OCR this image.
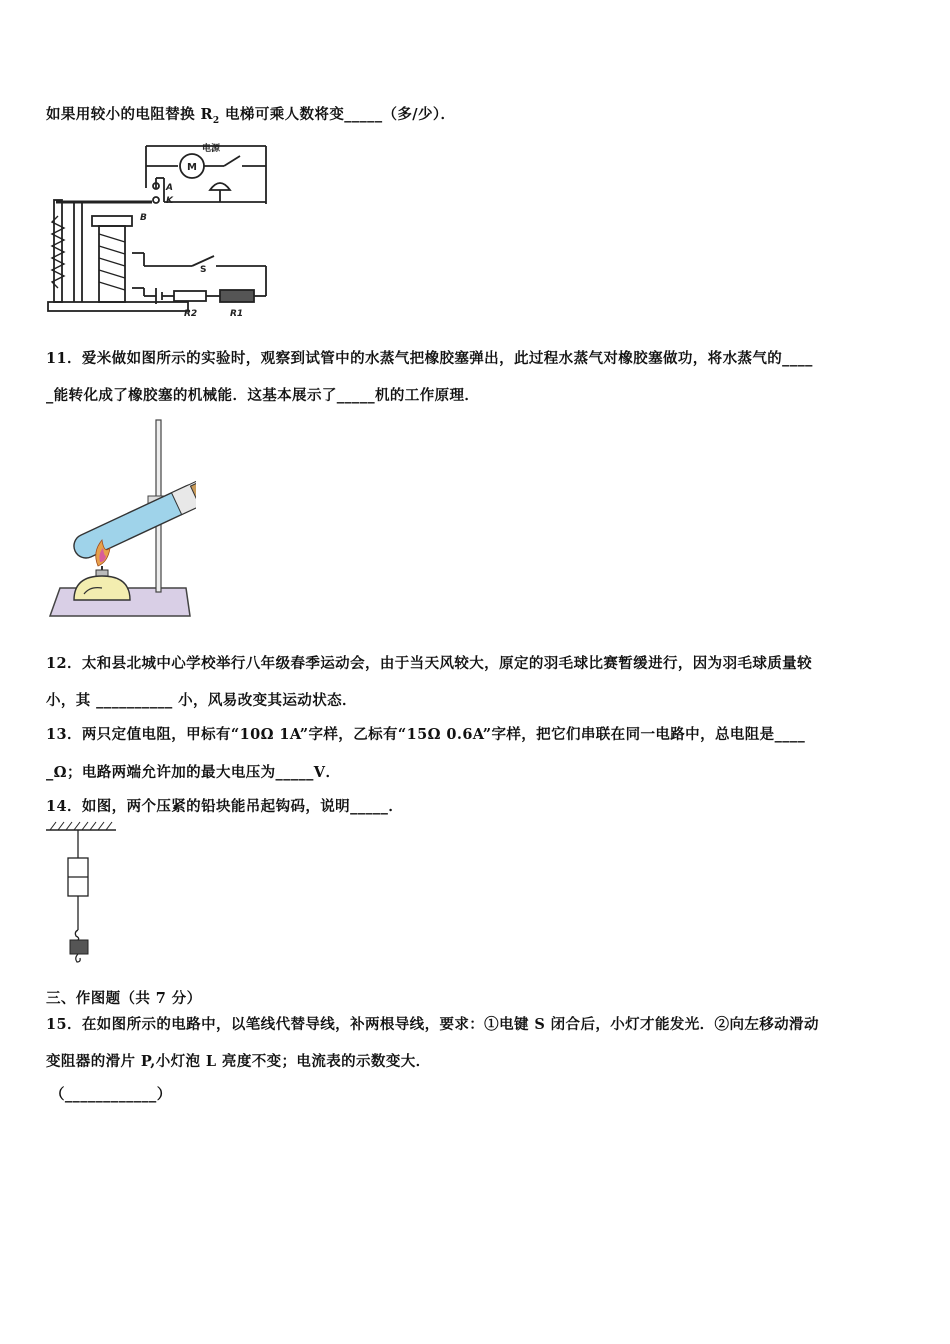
如果用较小的电阻替换 $R_2$ 电梯可乘人数将变_____（多/少）．
M
电源
A
K
B
S
R2	R1
11．爱米做如图所示的实验时，观察到试管中的水蒸气把橡胶塞弹出，此过程水蒸气对橡胶塞做功，将水蒸气的____
_能转化成了橡胶塞的机械能．这基本展示了_____机的工作原理．
12．太和县北城中心学校举行八年级春季运动会，由于当天风较大，原定的羽毛球比赛暂缓进行，因为羽毛球质量较
小，其 __________ 小，风易改变其运动状态．
13．两只定值电阻，甲标有“10Ω 1A”字样，乙标有“15Ω 0.6A”字样，把它们串联在同一电路中，总电阻是____
_Ω；电路两端允许加的最大电压为_____V．
14．如图，两个压紧的铅块能吊起钩码，说明_____．
三、作图题（共 7 分）
15．在如图所示的电路中，以笔线代替导线，补两根导线，要求：①电键 S 闭合后，小灯才能发光．②向左移动滑动
变阻器的滑片 P,小灯泡 L 亮度不变；电流表的示数变大．
（____________）
